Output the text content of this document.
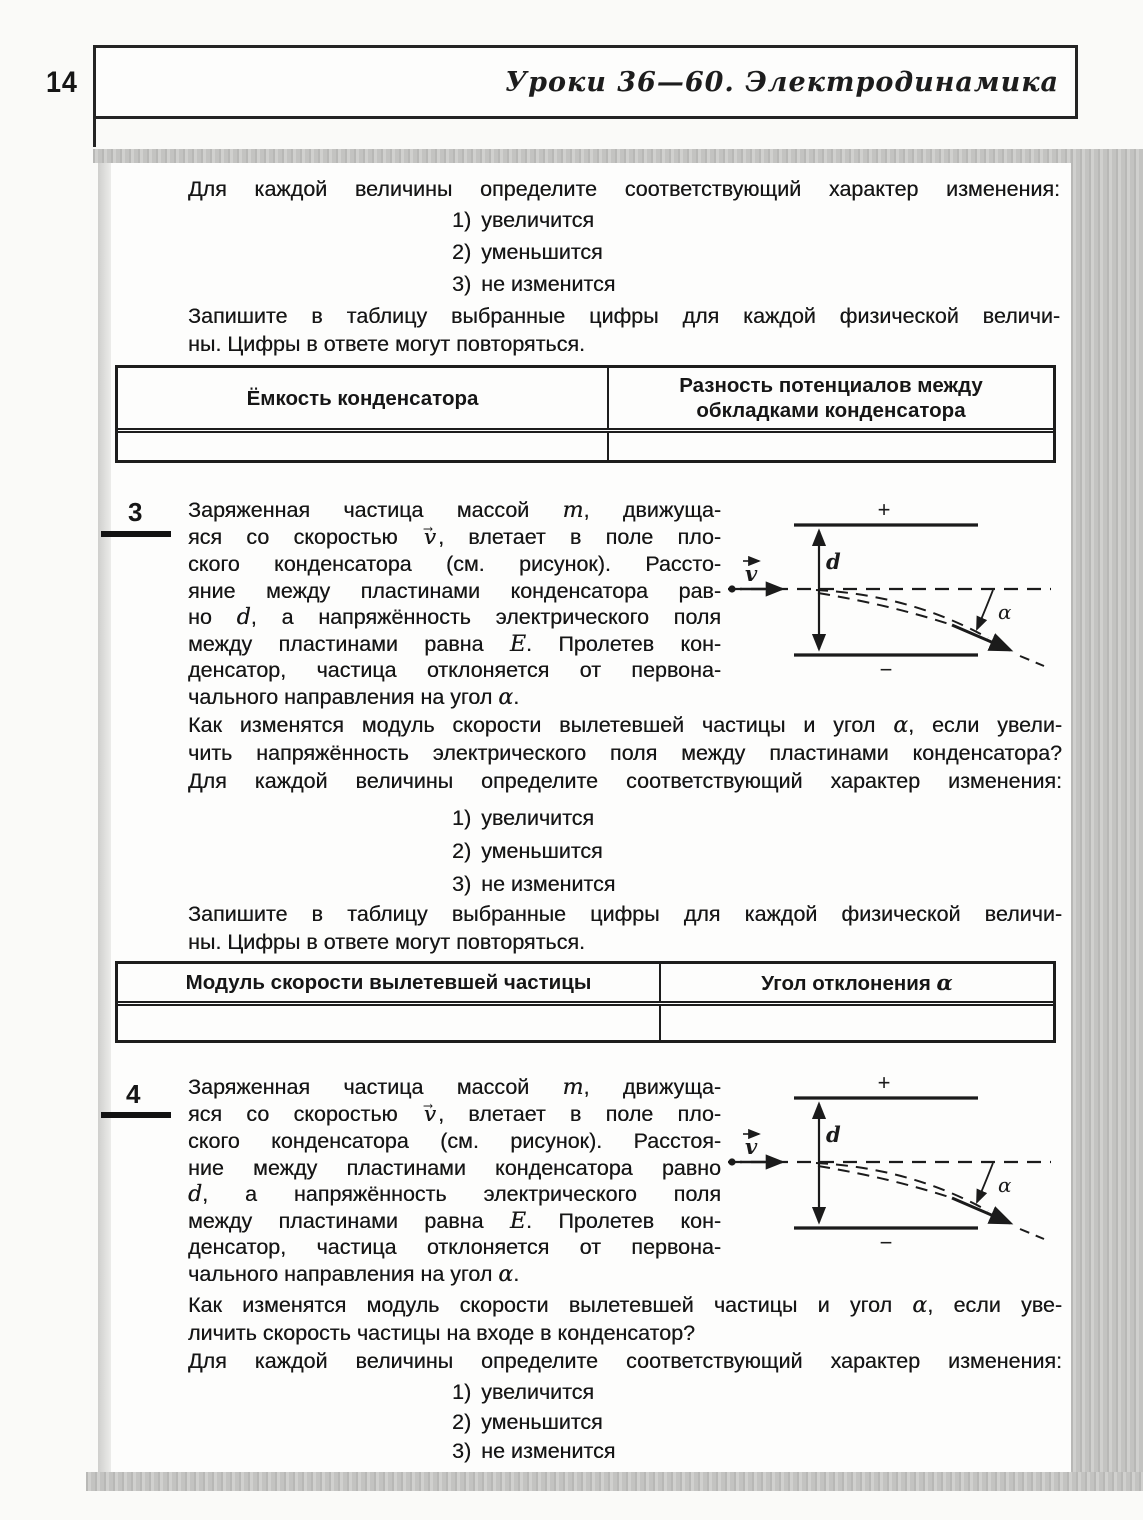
14	Уроки 36—60. Электродинамика
Для каждой величины определите соответствующий характер изменения:
1) увеличится
2) уменьшится
3) не изменится
Запишите в таблицу выбранные цифры для каждой физической величи-
ны. Цифры в ответе могут повторяться.
Ёмкость конденсатора
Разность потенциалов между
обкладками конденсатора
3 Заряженная частица массой m, движуща-
яся со скоростью v →, влетает в поле пло-
ского конденсатора (см. рисунок). Рассто-
яние между пластинами конденсатора рав-
но d, а напряжённость электрического поля
между пластинами равна E. Пролетев кон-
денсатор, частица отклоняется от первона-
чального направления на угол α.
+
−
d
v
α
Как изменятся модуль скорости вылетевшей частицы и угол α, если увели-
чить напряжённость электрического поля между пластинами конденсатора?
Для каждой величины определите соответствующий характер изменения:
1) увеличится
2) уменьшится
3) не изменится
Запишите в таблицу выбранные цифры для каждой физической величи-
ны. Цифры в ответе могут повторяться.
Модуль скорости вылетевшей частицы	Угол отклонения α
4 Заряженная частица массой m, движуща-
яся со скоростью v →, влетает в поле пло-
ского конденсатора (см. рисунок). Расстоя-
ние между пластинами конденсатора равно
d, а напряжённость электрического поля
между пластинами равна E. Пролетев кон-
денсатор, частица отклоняется от первона-
чального направления на угол α.
Как изменятся модуль скорости вылетевшей частицы и угол α, если уве-
личить скорость частицы на входе в конденсатор?
Для каждой величины определите соответствующий характер изменения:
1) увеличится
2) уменьшится
3) не изменится
